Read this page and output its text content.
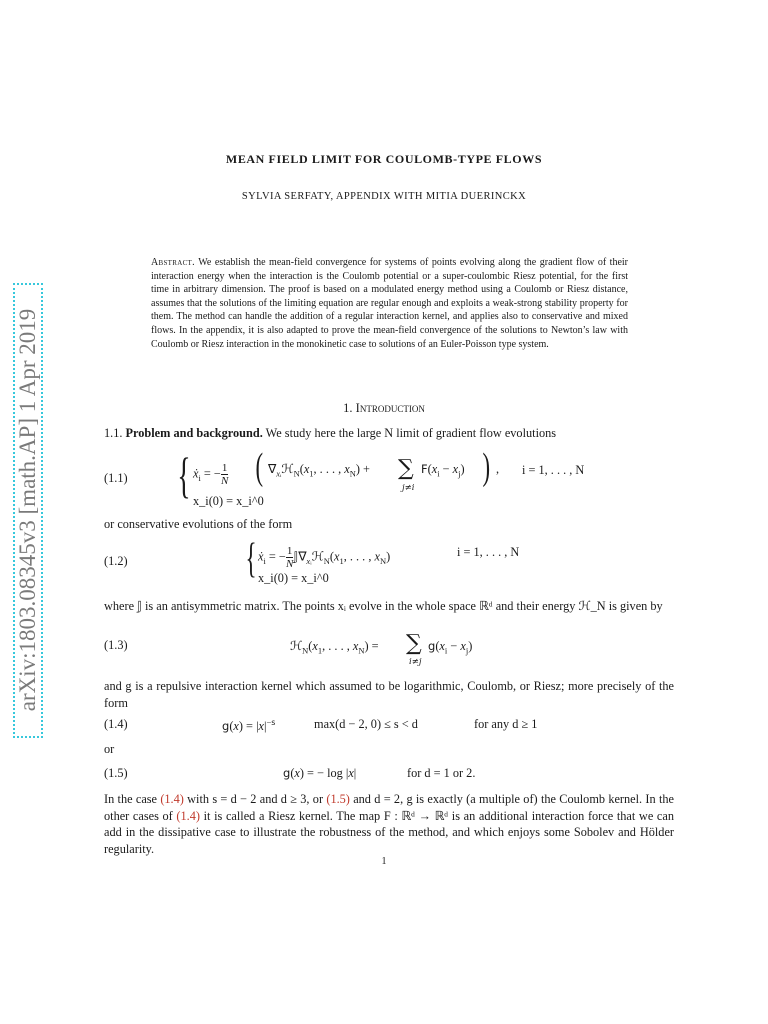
arXiv:1803.08345v3 [math.AP] 1 Apr 2019
MEAN FIELD LIMIT FOR COULOMB-TYPE FLOWS
SYLVIA SERFATY, APPENDIX WITH MITIA DUERINCKX
Abstract. We establish the mean-field convergence for systems of points evolving along the gradient flow of their interaction energy when the interaction is the Coulomb potential or a super-coulombic Riesz potential, for the first time in arbitrary dimension. The proof is based on a modulated energy method using a Coulomb or Riesz distance, assumes that the solutions of the limiting equation are regular enough and exploits a weak-strong stability property for them. The method can handle the addition of a regular interaction kernel, and applies also to conservative and mixed flows. In the appendix, it is also adapted to prove the mean-field convergence of the solutions to Newton’s law with Coulomb or Riesz interaction in the monokinetic case to solutions of an Euler-Poisson type system.
1. Introduction
1.1. Problem and background. We study here the large N limit of gradient flow evolutions
(1.1) { ẋ$_i$ = − $\frac{1}{N}$ ( $\nabla_{xᵢ}ℋ_N(x_1$, . . . , $x_N$) + ∑
j≠i
$F(x_i - x_j)$ ) , i = 1, . . . , N
x_i(0) = x_i^0
or conservative evolutions of the form
(1.2)	{ ẋ$_i$ = − $\frac{1}{N}$ $𝕁\nabla_{xᵢ}ℋ_N(x_1$, . . . , $x_N$)	i = 1, . . . , N
x_i(0) = x_i^0
where 𝕁 is an antisymmetric matrix. The points xᵢ evolve in the whole space ℝᵈ and their energy ℋ_N is given by
(1.3)	$ℋ_N(x_1$, . . . , $x_N$) = ∑
i≠j
$g(x_i - x_j)$
and g is a repulsive interaction kernel which assumed to be logarithmic, Coulomb, or Riesz; more precisely of the form
(1.4)	$g(x) = |x|^{-s}$	max(d − 2, 0) ≤ s < d	for any d ≥ 1
or
(1.5)	g(x) = − log |x|	for d = 1 or 2.
In the case (1.4) with s = d − 2 and d ≥ 3, or (1.5) and d = 2, g is exactly (a multiple of) the Coulomb kernel. In the other cases of (1.4) it is called a Riesz kernel. The map F : ℝᵈ → ℝᵈ is an additional interaction force that we can add in the dissipative case to illustrate the robustness of the method, and which enjoys some Sobolev and Hölder regularity.
1
